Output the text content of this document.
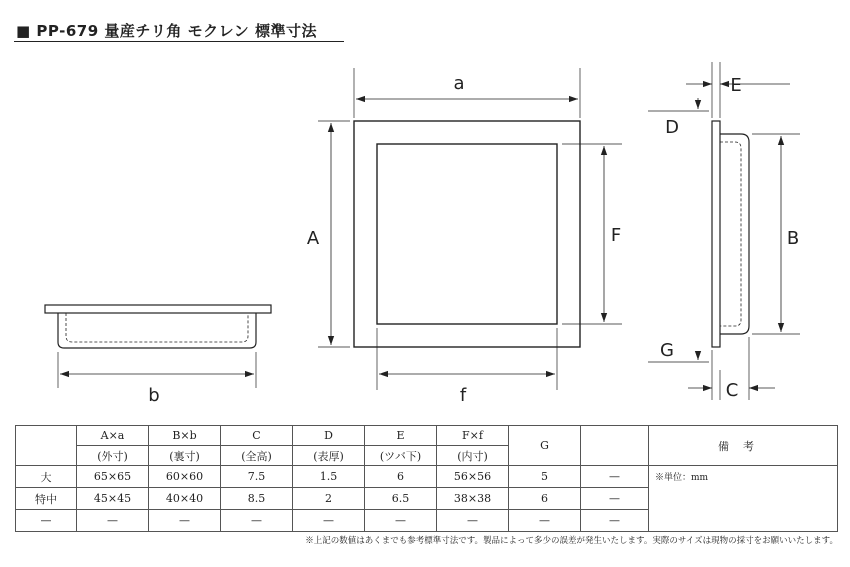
■ PP-679 量産チリ角 モクレン 標準寸法
a
A	F
f
b
E
D
B
G
C
	A×a	B×b	C	D	E	F×f	G		備考
	(外寸)	(裏寸)	(全高)	(表厚)	(ツバ下)	(内寸)			
大	65×65	60×60	7.5	1.5	6	56×56	5	—	※単位：mm
特中	45×45	40×40	8.5	2	6.5	38×38	6	—	
—	—	—	—	—	—	—	—	—	
※上記の数値はあくまでも参考標準寸法です。製品によって多少の誤差が発生いたします。実際のサイズは現物の採寸をお願いいたします。
